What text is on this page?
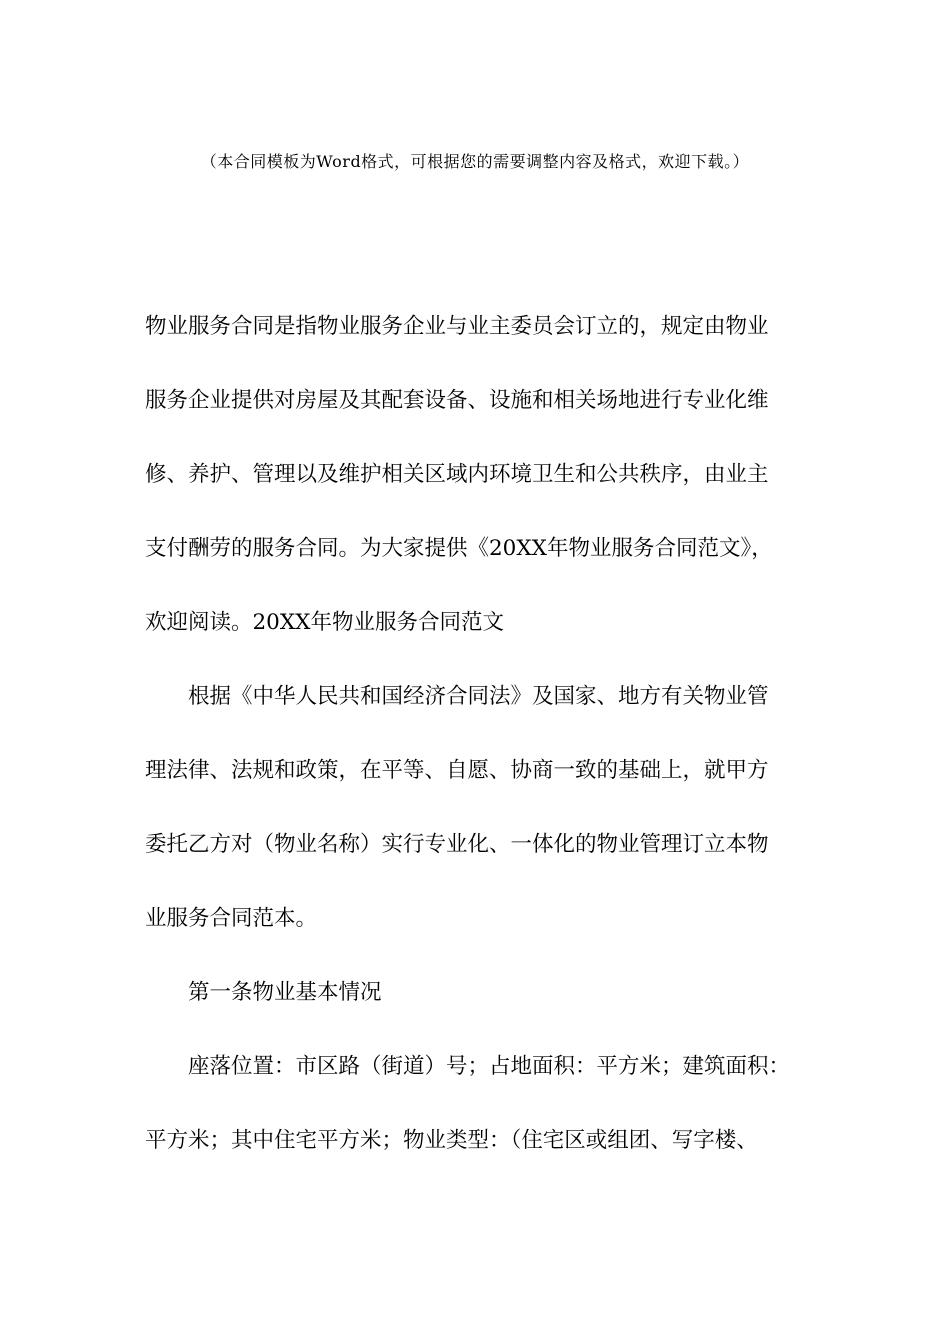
（本合同模板为Word格式，可根据您的需要调整内容及格式，欢迎下载。）

物业服务合同是指物业服务企业与业主委员会订立的，规定由物业
服务企业提供对房屋及其配套设备、设施和相关场地进行专业化维
修、养护、管理以及维护相关区域内环境卫生和公共秩序，由业主
支付酬劳的服务合同。为大家提供《20XX年物业服务合同范文》，
欢迎阅读。20XX年物业服务合同范文

根据《中华人民共和国经济合同法》及国家、地方有关物业管
理法律、法规和政策，在平等、自愿、协商一致的基础上，就甲方
委托乙方对（物业名称）实行专业化、一体化的物业管理订立本物
业服务合同范本。

第一条物业基本情况

座落位置：市区路（街道）号；占地面积：平方米；建筑面积：
平方米；其中住宅平方米；物业类型：（住宅区或组团、写字楼、
